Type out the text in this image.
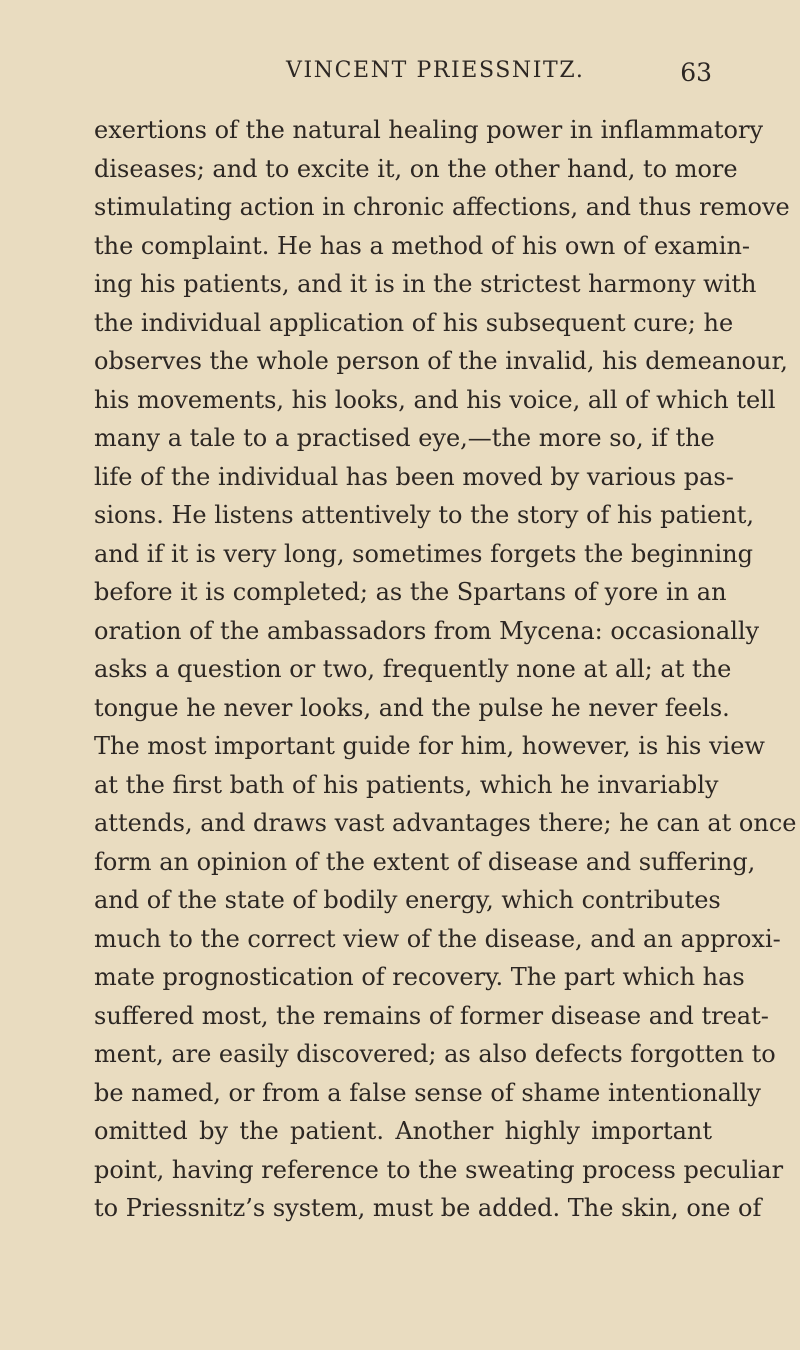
VINCENT PRIESSNITZ.	63
exertions of the natural healing power in inflammatory
diseases; and to excite it, on the other hand, to more
stimulating action in chronic affections, and thus remove
the complaint. He has a method of his own of examin-
ing his patients, and it is in the strictest harmony with
the individual application of his subsequent cure; he
observes the whole person of the invalid, his demeanour,
his movements, his looks, and his voice, all of which tell
many a tale to a practised eye,—the more so, if the
life of the individual has been moved by various pas-
sions. He listens attentively to the story of his patient,
and if it is very long, sometimes forgets the beginning
before it is completed; as the Spartans of yore in an
oration of the ambassadors from Mycena: occasionally
asks a question or two, frequently none at all; at the
tongue he never looks, and the pulse he never feels.
The most important guide for him, however, is his view
at the first bath of his patients, which he invariably
attends, and draws vast advantages there; he can at once
form an opinion of the extent of disease and suffering,
and of the state of bodily energy, which contributes
much to the correct view of the disease, and an approxi-
mate prognostication of recovery. The part which has
suffered most, the remains of former disease and treat-
ment, are easily discovered; as also defects forgotten to
be named, or from a false sense of shame intentionally
omitted by the patient. Another highly important
point, having reference to the sweating process peculiar
to Priessnitz’s system, must be added. The skin, one of
